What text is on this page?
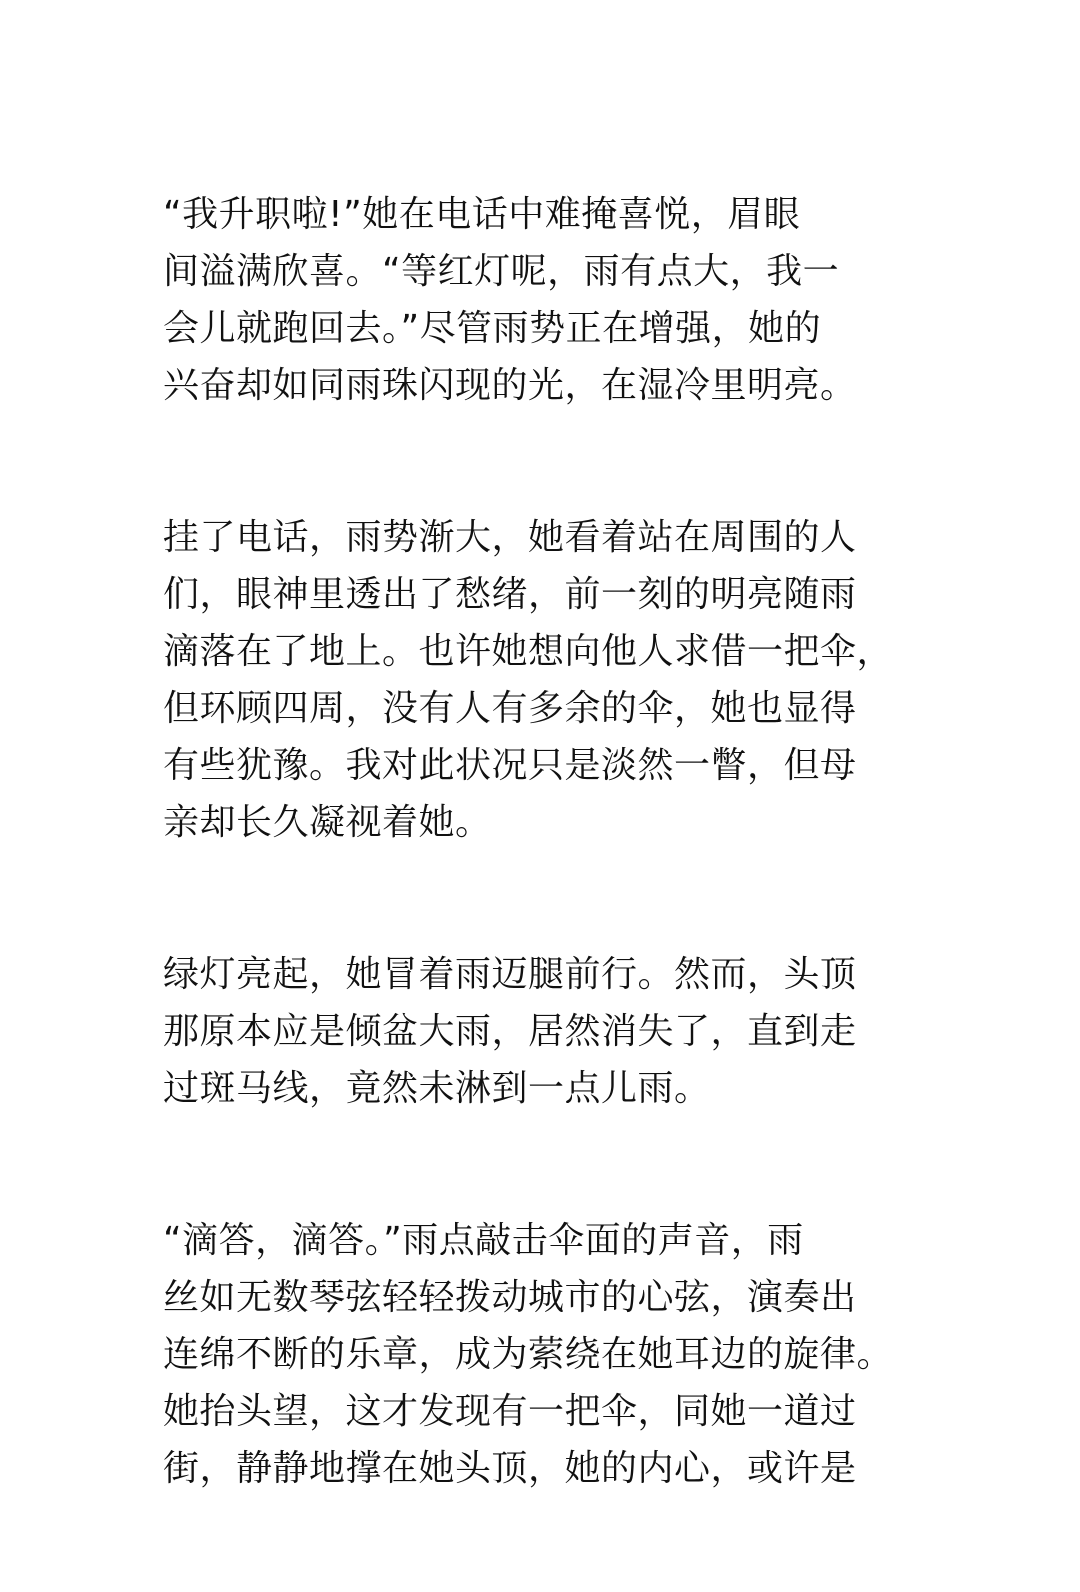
“我升职啦!”她在电话中难掩喜悦，眉眼
间溢满欣喜。“等红灯呢，雨有点大，我一
会儿就跑回去。”尽管雨势正在增强，她的
兴奋却如同雨珠闪现的光，在湿冷里明亮。
挂了电话，雨势渐大，她看着站在周围的人
们，眼神里透出了愁绪，前一刻的明亮随雨
滴落在了地上。也许她想向他人求借一把伞，
但环顾四周，没有人有多余的伞，她也显得
有些犹豫。我对此状况只是淡然一瞥，但母
亲却长久凝视着她。
绿灯亮起，她冒着雨迈腿前行。然而，头顶
那原本应是倾盆大雨，居然消失了，直到走
过斑马线，竟然未淋到一点儿雨。
“滴答，滴答。”雨点敲击伞面的声音，雨
丝如无数琴弦轻轻拨动城市的心弦，演奏出
连绵不断的乐章，成为萦绕在她耳边的旋律。
她抬头望，这才发现有一把伞，同她一道过
街，静静地撑在她头顶，她的内心，或许是
